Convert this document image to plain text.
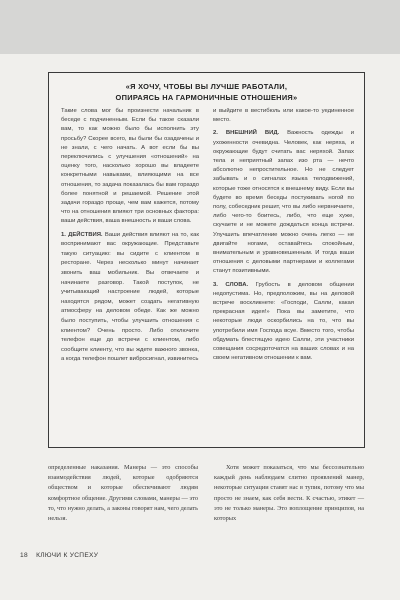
«Я ХОЧУ, ЧТОБЫ ВЫ ЛУЧШЕ РАБОТАЛИ,
ОПИРАЯСЬ НА ГАРМОНИЧНЫЕ ОТНОШЕНИЯ»

Такие слова мог бы произнести начальник в беседе с подчиненным. Если бы такое сказали вам, то как можно было бы исполнить эту просьбу? Скорее всего, вы были бы озадачены и не знали, с чего начать. А вот если бы вы переключились с улучшения «отношений» на оценку того, насколько хорошо вы владеете конкретными навыками, влияющими на все отношения, то задача показалась бы вам гораздо более понятной и решаемой. Решение этой задачи гораздо проще, чем вам кажется, потому что на отношения влияют три основных фактора: ваши действия, ваша внешность и ваши слова.

1. ДЕЙСТВИЯ. Ваши действия влияют на то, как воспринимают вас окружающие. Представьте такую ситуацию: вы сидите с клиентом в ресторане. Через несколько минут начинает звонить ваш мобильник. Вы отвечаете и начинаете разговор. Такой поступок, не учитывающий настроение людей, которые находятся рядом, может создать негативную атмосферу на деловом обеде. Как же можно было поступить, чтобы улучшить отношения с клиентом? Очень просто. Либо отключите телефон еще до встречи с клиентом, либо сообщите клиенту, что вы ждете важного звонка, а когда телефон пошлет вибросигнал, извинитесь

и выйдите в вестибюль или какое-то уединенное место.

2. ВНЕШНИЙ ВИД. Важность одежды и ухоженности очевидна. Человек, как неряха, и окружающие будут считать вас неряхой. Запах тела и неприятный запах изо рта — нечто абсолютно непростительное. Но не следует забывать и о сигналах языка телодвижений, которые тоже относятся к внешнему виду. Если вы будете во время беседы постукивать ногой по полу, собеседник решит, что вы либо нервничаете, либо чего-то боитесь, либо, что еще хуже, скучаете и не можете дождаться конца встречи. Улучшить впечатление можно очень легко — не двигайте ногами, оставайтесь спокойным, внимательным и уравновешенным. И тогда ваши отношения с деловыми партнерами и коллегами станут позитивными.

3. СЛОВА. Грубость в деловом общении недопустима. Но, предположим, вы на деловой встрече воскликнете: «Господи, Салли, какая прекрасная идея!» Пока вы заметите, что некоторые люди оскорбились на то, что вы употребили имя Господа всуе. Вместо того, чтобы обдумать блестящую идею Салли, эти участники совещания сосредоточатся на ваших словах и на своем негативном отношении к вам.

определенные наказания. Манеры — это способы взаимодействия людей, которые одобряются обществом и которые обеспечивают людям комфортное общение. Другими словами, манеры — это то, что нужно делать, а законы говорят нам, чего делать нельзя.
Хотя может показаться, что мы бессознательно каждый день наблюдаем слитно проявлений манер, некоторые ситуации ставят нас в тупик, потому что мы просто не знаем, как себя вести. К счастью, этикет — это не только манеры. Это воплощение принципов, на которых
18 КЛЮЧИ К УСПЕХУ
